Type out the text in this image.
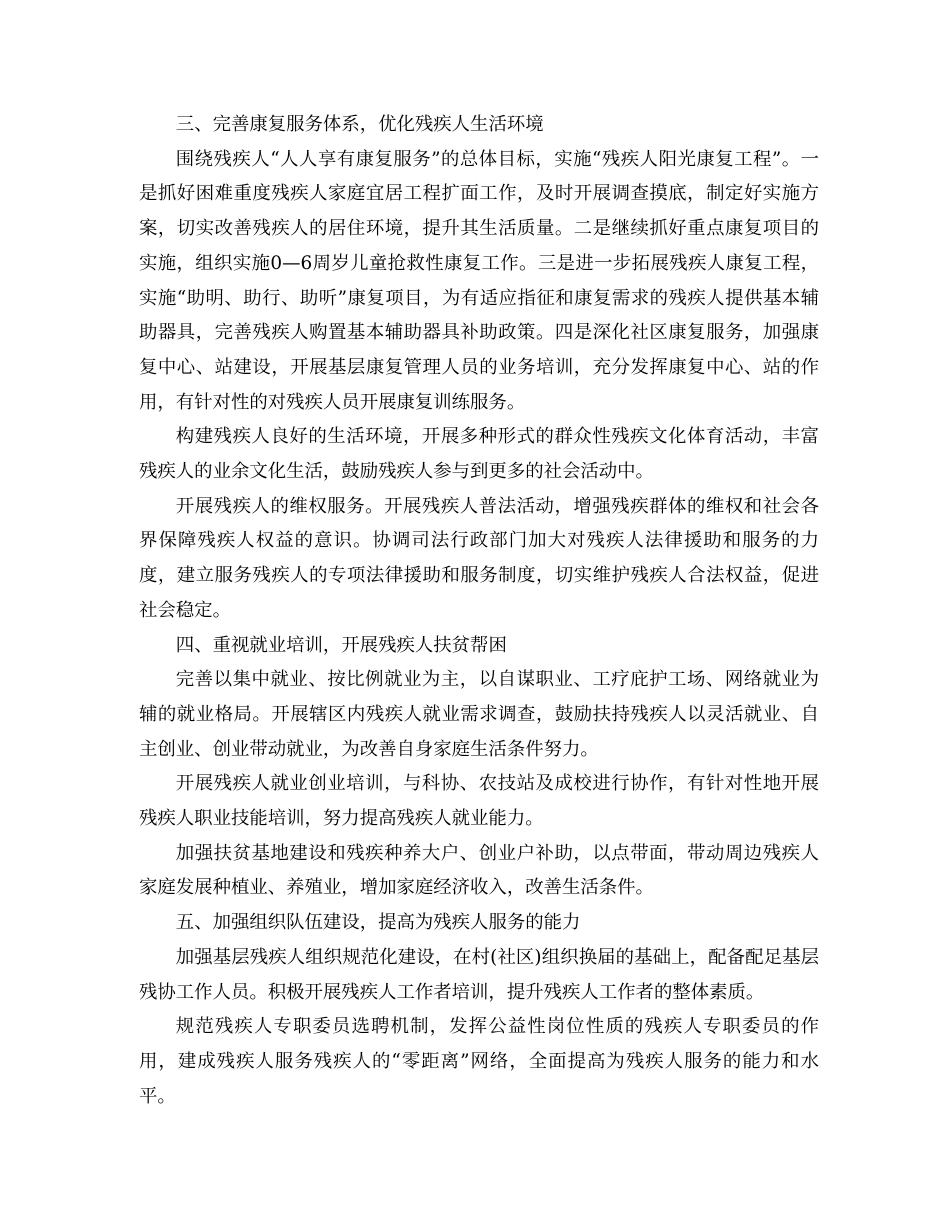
三、完善康复服务体系，优化残疾人生活环境

围绕残疾人“人人享有康复服务”的总体目标，实施“残疾人阳光康复工程”。一是抓好困难重度残疾人家庭宜居工程扩面工作，及时开展调查摸底，制定好实施方案，切实改善残疾人的居住环境，提升其生活质量。二是继续抓好重点康复项目的实施，组织实施0—6周岁儿童抢救性康复工作。三是进一步拓展残疾人康复工程，实施“助明、助行、助听”康复项目，为有适应指征和康复需求的残疾人提供基本辅助器具，完善残疾人购置基本辅助器具补助政策。四是深化社区康复服务，加强康复中心、站建设，开展基层康复管理人员的业务培训，充分发挥康复中心、站的作用，有针对性的对残疾人员开展康复训练服务。

构建残疾人良好的生活环境，开展多种形式的群众性残疾文化体育活动，丰富残疾人的业余文化生活，鼓励残疾人参与到更多的社会活动中。

开展残疾人的维权服务。开展残疾人普法活动，增强残疾群体的维权和社会各界保障残疾人权益的意识。协调司法行政部门加大对残疾人法律援助和服务的力度，建立服务残疾人的专项法律援助和服务制度，切实维护残疾人合法权益，促进社会稳定。

四、重视就业培训，开展残疾人扶贫帮困

完善以集中就业、按比例就业为主，以自谋职业、工疗庇护工场、网络就业为辅的就业格局。开展辖区内残疾人就业需求调查，鼓励扶持残疾人以灵活就业、自主创业、创业带动就业，为改善自身家庭生活条件努力。

开展残疾人就业创业培训，与科协、农技站及成校进行协作，有针对性地开展残疾人职业技能培训，努力提高残疾人就业能力。

加强扶贫基地建设和残疾种养大户、创业户补助，以点带面，带动周边残疾人家庭发展种植业、养殖业，增加家庭经济收入，改善生活条件。

五、加强组织队伍建设，提高为残疾人服务的能力

加强基层残疾人组织规范化建设，在村(社区)组织换届的基础上，配备配足基层残协工作人员。积极开展残疾人工作者培训，提升残疾人工作者的整体素质。

规范残疾人专职委员选聘机制，发挥公益性岗位性质的残疾人专职委员的作用，建成残疾人服务残疾人的“零距离”网络，全面提高为残疾人服务的能力和水平。
